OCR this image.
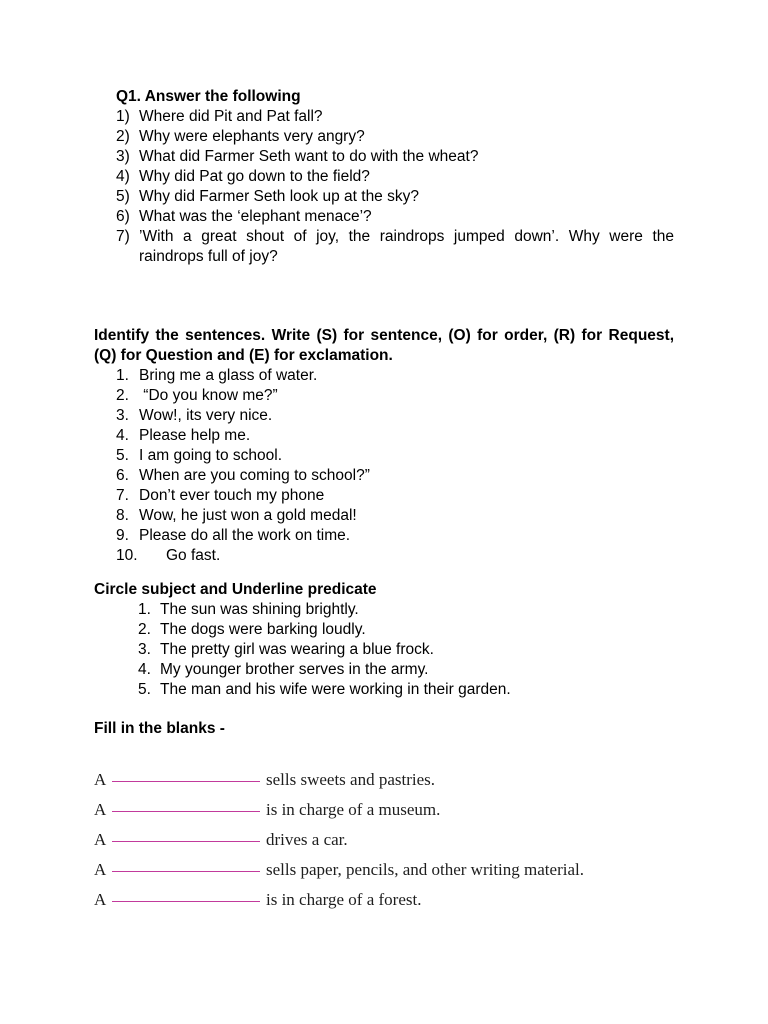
Q1. Answer the following
1) Where did Pit and Pat fall?
2) Why were elephants very angry?
3) What did Farmer Seth want to do with the wheat?
4) Why did Pat go down to the field?
5) Why did Farmer Seth look up at the sky?
6) What was the ‘elephant menace’?
7) ’With a great shout of joy, the raindrops jumped down’. Why were the raindrops full of joy?
Identify the sentences. Write (S) for sentence, (O) for order, (R) for Request, (Q) for Question and (E) for exclamation.
1. Bring me a glass of water.
2. “Do you know me?”
3. Wow!, its very nice.
4. Please help me.
5. I am going to school.
6. When are you coming to school?”
7. Don’t ever touch my phone
8. Wow, he just won a gold medal!
9. Please do all the work on time.
10.	Go fast.
Circle subject and Underline predicate
1. The sun was shining brightly.
2. The dogs were barking loudly.
3. The pretty girl was wearing a blue frock.
4. My younger brother serves in the army.
5. The man and his wife were working in their garden.
Fill in the blanks -
A	sells sweets and pastries.
A	is in charge of a museum.
A	drives a car.
A	sells paper, pencils, and other writing material.
A	is in charge of a forest.
